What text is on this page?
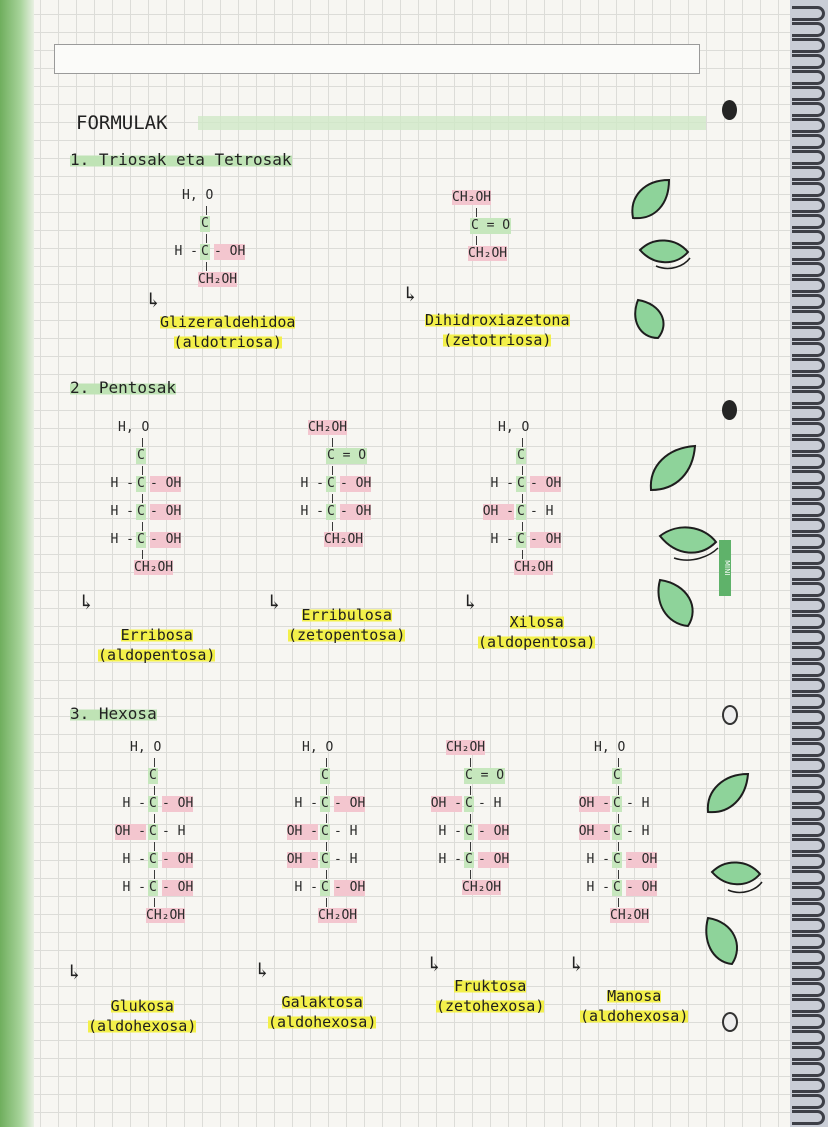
FORMULAK
1. Triosak eta Tetrosak
2. Pentosak
3. Hexosa
H, O
C
H - C - OH
CH₂OH
↳
Glizeraldehidoa
(aldotriosa)
CH₂OH
C = O
CH₂OH
↳
Dihidroxiazetona
(zetotriosa)
H, O
C
H - C - OH
H - C - OH
H - C - OH
CH₂OH
↳
Erribosa
(aldopentosa)
CH₂OH
C = O
H - C - OH
H - C - OH
CH₂OH
↳
Erribulosa
(zetopentosa)
H, O
C
H - C - OH
OH - C - H
H - C - OH
CH₂OH
↳
Xilosa
(aldopentosa)
H, O
C
H - C - OH
OH - C - H
H - C - OH
H - C - OH
CH₂OH
↳
Glukosa
(aldohexosa)
H, O
C
H - C - OH
OH - C - H
OH - C - H
H - C - OH
CH₂OH
↳
Galaktosa
(aldohexosa)
CH₂OH
C = O
OH - C - H
H - C - OH
H - C - OH
CH₂OH
↳
Fruktosa
(zetohexosa)
H, O
C
OH - C - H
OH - C - H
H - C - OH
H - C - OH
CH₂OH
↳
Manosa
(aldohexosa)
MINI
